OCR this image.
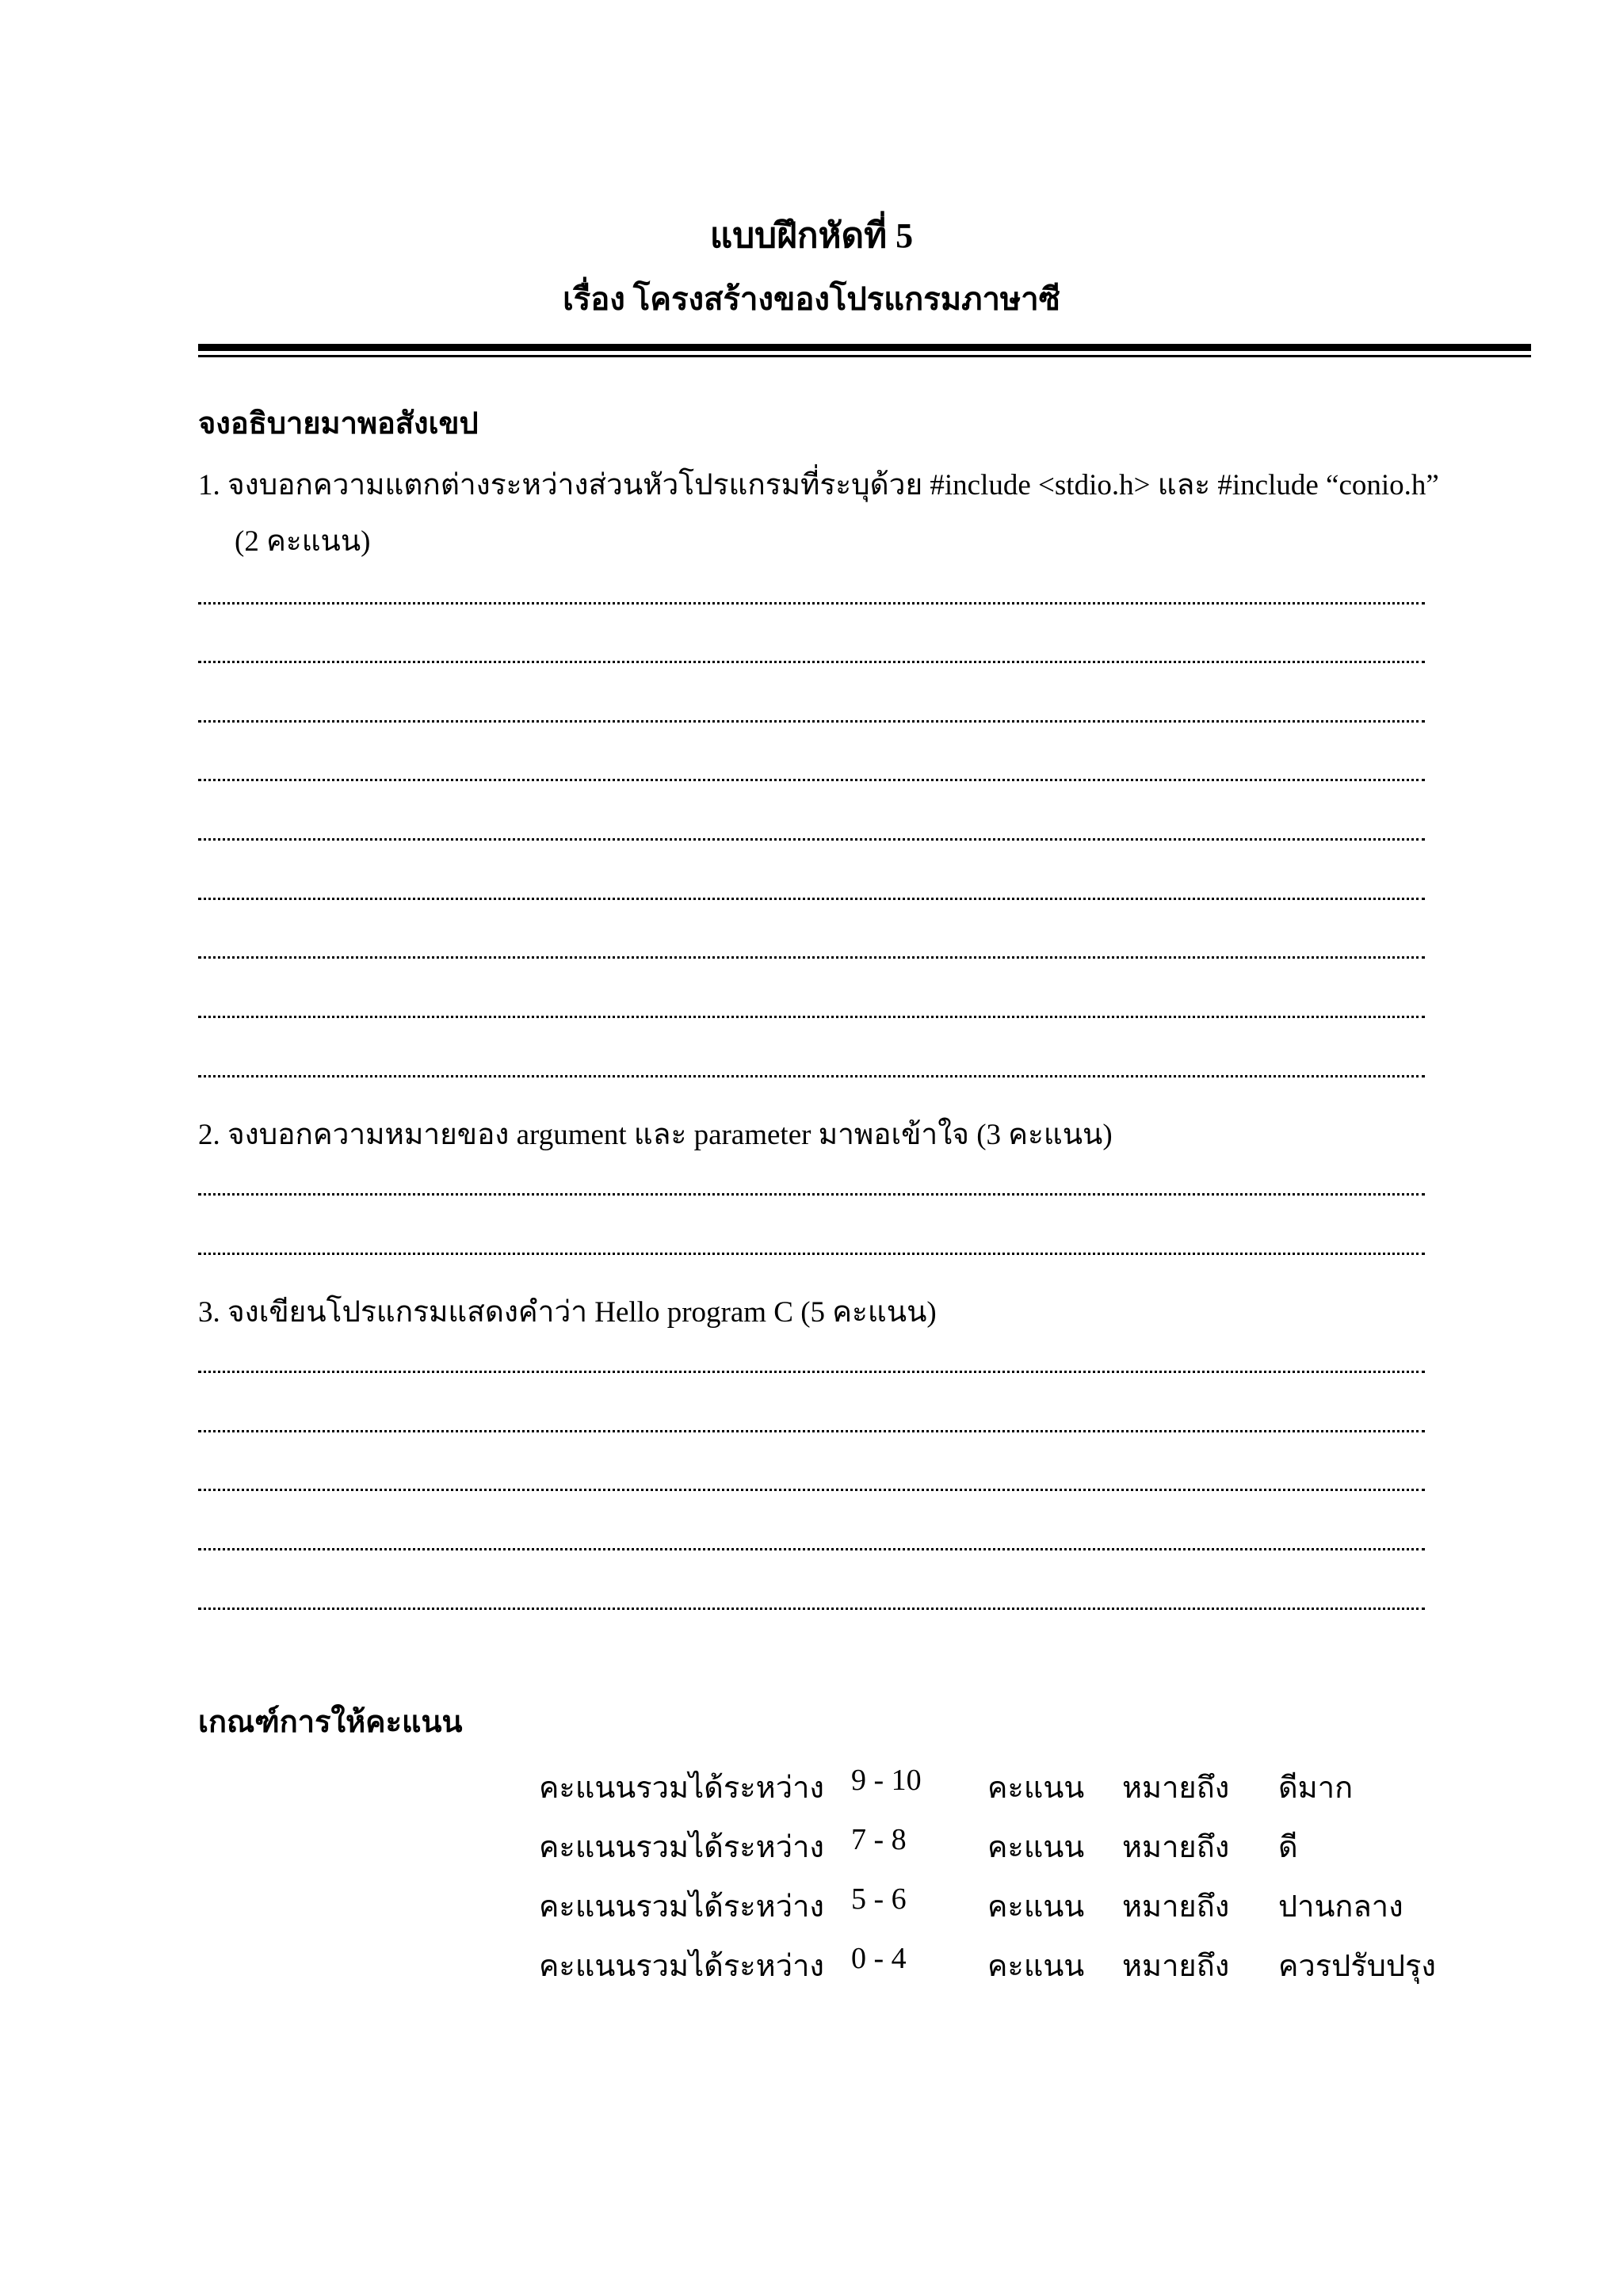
แบบฝึกหัดที่ 5
เรื่อง โครงสร้างของโปรแกรมภาษาซี
จงอธิบายมาพอสังเขป
1. จงบอกความแตกต่างระหว่างส่วนหัวโปรแกรมที่ระบุด้วย #include <stdio.h> และ #include “conio.h”
(2 คะแนน)
2. จงบอกความหมายของ argument และ parameter มาพอเข้าใจ (3 คะแนน)
3. จงเขียนโปรแกรมแสดงคำว่า Hello program C (5 คะแนน)
เกณฑ์การให้คะแนน
คะแนนรวมได้ระหว่าง 9 - 10 คะแนน หมายถึง ดีมาก
คะแนนรวมได้ระหว่าง 7 - 8	คะแนน หมายถึง ดี
คะแนนรวมได้ระหว่าง 5 - 6	คะแนน หมายถึง ปานกลาง
คะแนนรวมได้ระหว่าง 0 - 4	คะแนน หมายถึง ควรปรับปรุง
